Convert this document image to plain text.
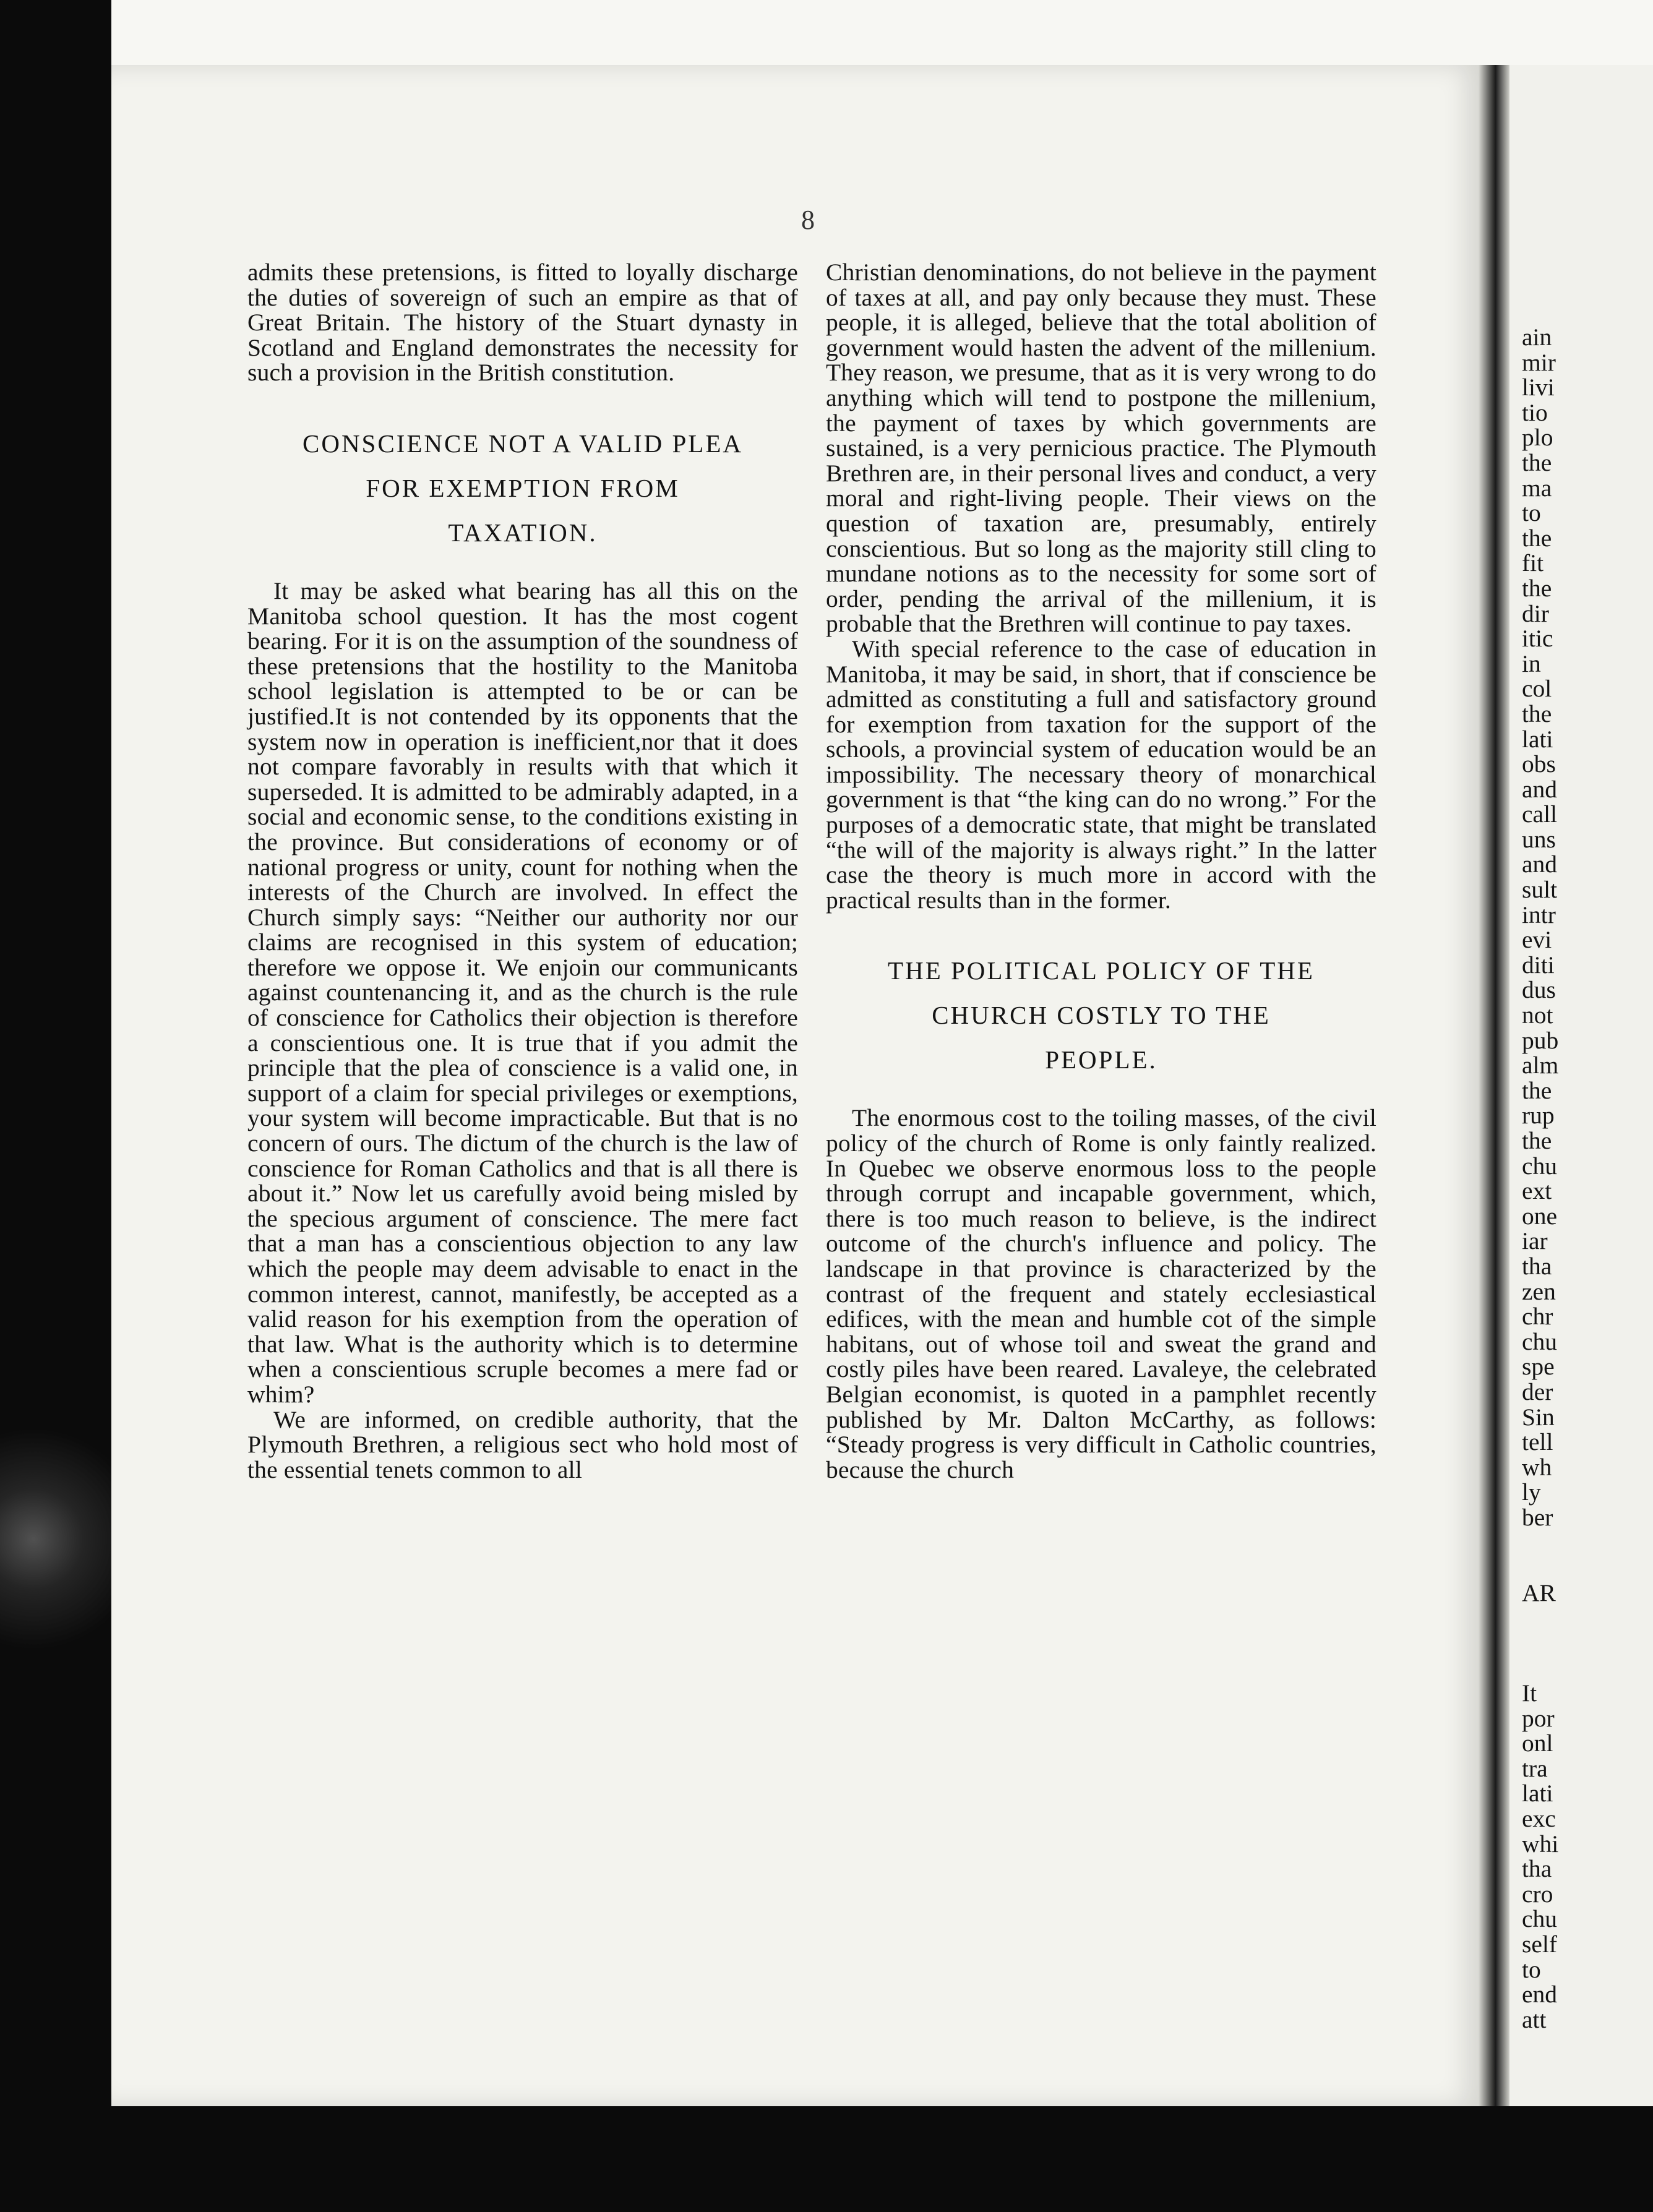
ain
mir
livi
tio
plo
the
ma
to
the
fit
the
dir
itic
in
col
the
lati
obs
and
call
uns
and
sult
intr
evi
diti
dus
not
pub
alm
the
rup
the
chu
ext
one
iar
tha
zen
chr
chu
spe
der
Sin
tell
wh
ly
ber

AR

It
por
onl
tra
lati
exc
whi
tha
cro
chu
self
to
end
att
8

admits these pretensions, is fitted to loyally discharge the duties of sovereign of such an empire as that of Great Britain. The history of the Stuart dynasty in Scotland and England demonstrates the necessity for such a provision in the British constitution.

CONSCIENCE NOT A VALID PLEA
FOR EXEMPTION FROM
TAXATION.

It may be asked what bearing has all this on the Manitoba school question. It has the most cogent bearing. For it is on the assumption of the soundness of these pretensions that the hostility to the Manitoba school legislation is attempted to be or can be justified.It is not contended by its opponents that the system now in operation is inefficient,nor that it does not compare favorably in results with that which it superseded. It is admitted to be admirably adapted, in a social and economic sense, to the conditions existing in the province. But considerations of economy or of national progress or unity, count for nothing when the interests of the Church are involved. In effect the Church simply says: “Neither our authority nor our claims are recognised in this system of education; therefore we oppose it. We enjoin our communicants against countenancing it, and as the church is the rule of conscience for Catholics their objection is therefore a conscientious one. It is true that if you admit the principle that the plea of conscience is a valid one, in support of a claim for special privileges or exemptions, your system will become impracticable. But that is no concern of ours. The dictum of the church is the law of conscience for Roman Catholics and that is all there is about it.” Now let us carefully avoid being misled by the specious argument of conscience. The mere fact that a man has a conscientious objection to any law which the people may deem advisable to enact in the common interest, cannot, manifestly, be accepted as a valid reason for his exemption from the operation of that law. What is the authority which is to determine when a conscientious scruple becomes a mere fad or whim?

We are informed, on credible authority, that the Plymouth Brethren, a religious sect who hold most of the essential tenets common to all

Christian denominations, do not believe in the payment of taxes at all, and pay only because they must. These people, it is alleged, believe that the total abolition of government would hasten the advent of the millenium. They reason, we presume, that as it is very wrong to do anything which will tend to postpone the millenium, the payment of taxes by which governments are sustained, is a very pernicious practice. The Plymouth Brethren are, in their personal lives and conduct, a very moral and right-living people. Their views on the question of taxation are, presumably, entirely conscientious. But so long as the majority still cling to mundane notions as to the necessity for some sort of order, pending the arrival of the millenium, it is probable that the Brethren will continue to pay taxes.

With special reference to the case of education in Manitoba, it may be said, in short, that if conscience be admitted as constituting a full and satisfactory ground for exemption from taxation for the support of the schools, a provincial system of education would be an impossibility. The necessary theory of monarchical government is that “the king can do no wrong.” For the purposes of a democratic state, that might be translated “the will of the majority is always right.” In the latter case the theory is much more in accord with the practical results than in the former.

THE POLITICAL POLICY OF THE
CHURCH COSTLY TO THE
PEOPLE.

The enormous cost to the toiling masses, of the civil policy of the church of Rome is only faintly realized. In Quebec we observe enormous loss to the people through corrupt and incapable government, which, there is too much reason to believe, is the indirect outcome of the church's influence and policy. The landscape in that province is characterized by the contrast of the frequent and stately ecclesiastical edifices, with the mean and humble cot of the simple habitans, out of whose toil and sweat the grand and costly piles have been reared. Lavaleye, the celebrated Belgian economist, is quoted in a pamphlet recently published by Mr. Dalton McCarthy, as follows: “Steady progress is very difficult in Catholic countries, because the church
